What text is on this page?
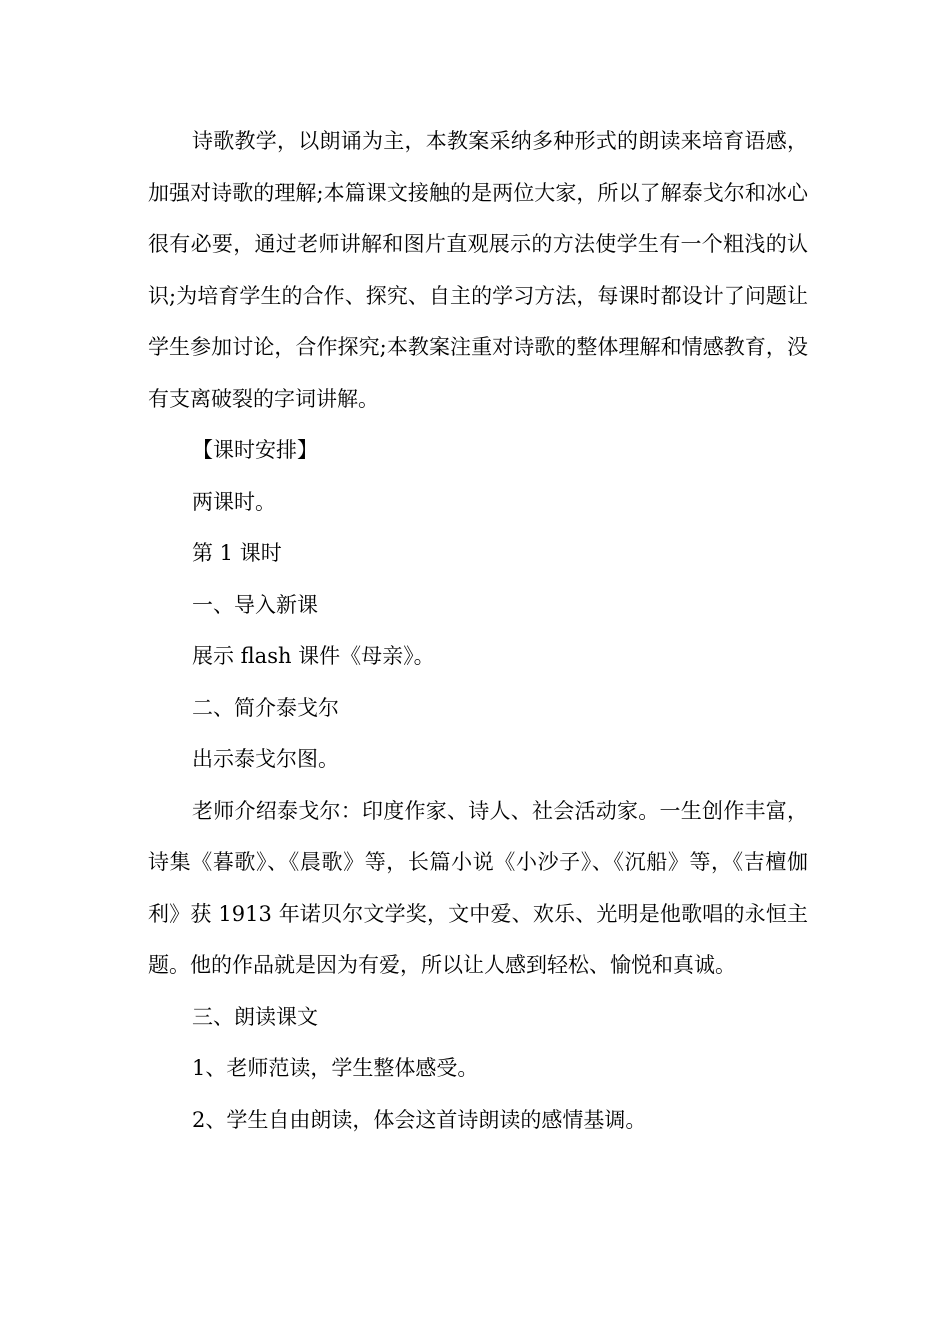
诗歌教学，以朗诵为主，本教案采纳多种形式的朗读来培育语感，加强对诗歌的理解;本篇课文接触的是两位大家，所以了解泰戈尔和冰心很有必要，通过老师讲解和图片直观展示的方法使学生有一个粗浅的认识;为培育学生的合作、探究、自主的学习方法，每课时都设计了问题让学生参加讨论，合作探究;本教案注重对诗歌的整体理解和情感教育，没有支离破裂的字词讲解。

【课时安排】

两课时。

第 1 课时

一、导入新课

展示 flash 课件《母亲》。

二、简介泰戈尔

出示泰戈尔图。

老师介绍泰戈尔：印度作家、诗人、社会活动家。一生创作丰富，诗集《暮歌》、《晨歌》等，长篇小说《小沙子》、《沉船》等，《吉檀伽利》获 1913 年诺贝尔文学奖，文中爱、欢乐、光明是他歌唱的永恒主题。他的作品就是因为有爱，所以让人感到轻松、愉悦和真诚。

三、朗读课文

1、老师范读，学生整体感受。

2、学生自由朗读，体会这首诗朗读的感情基调。
